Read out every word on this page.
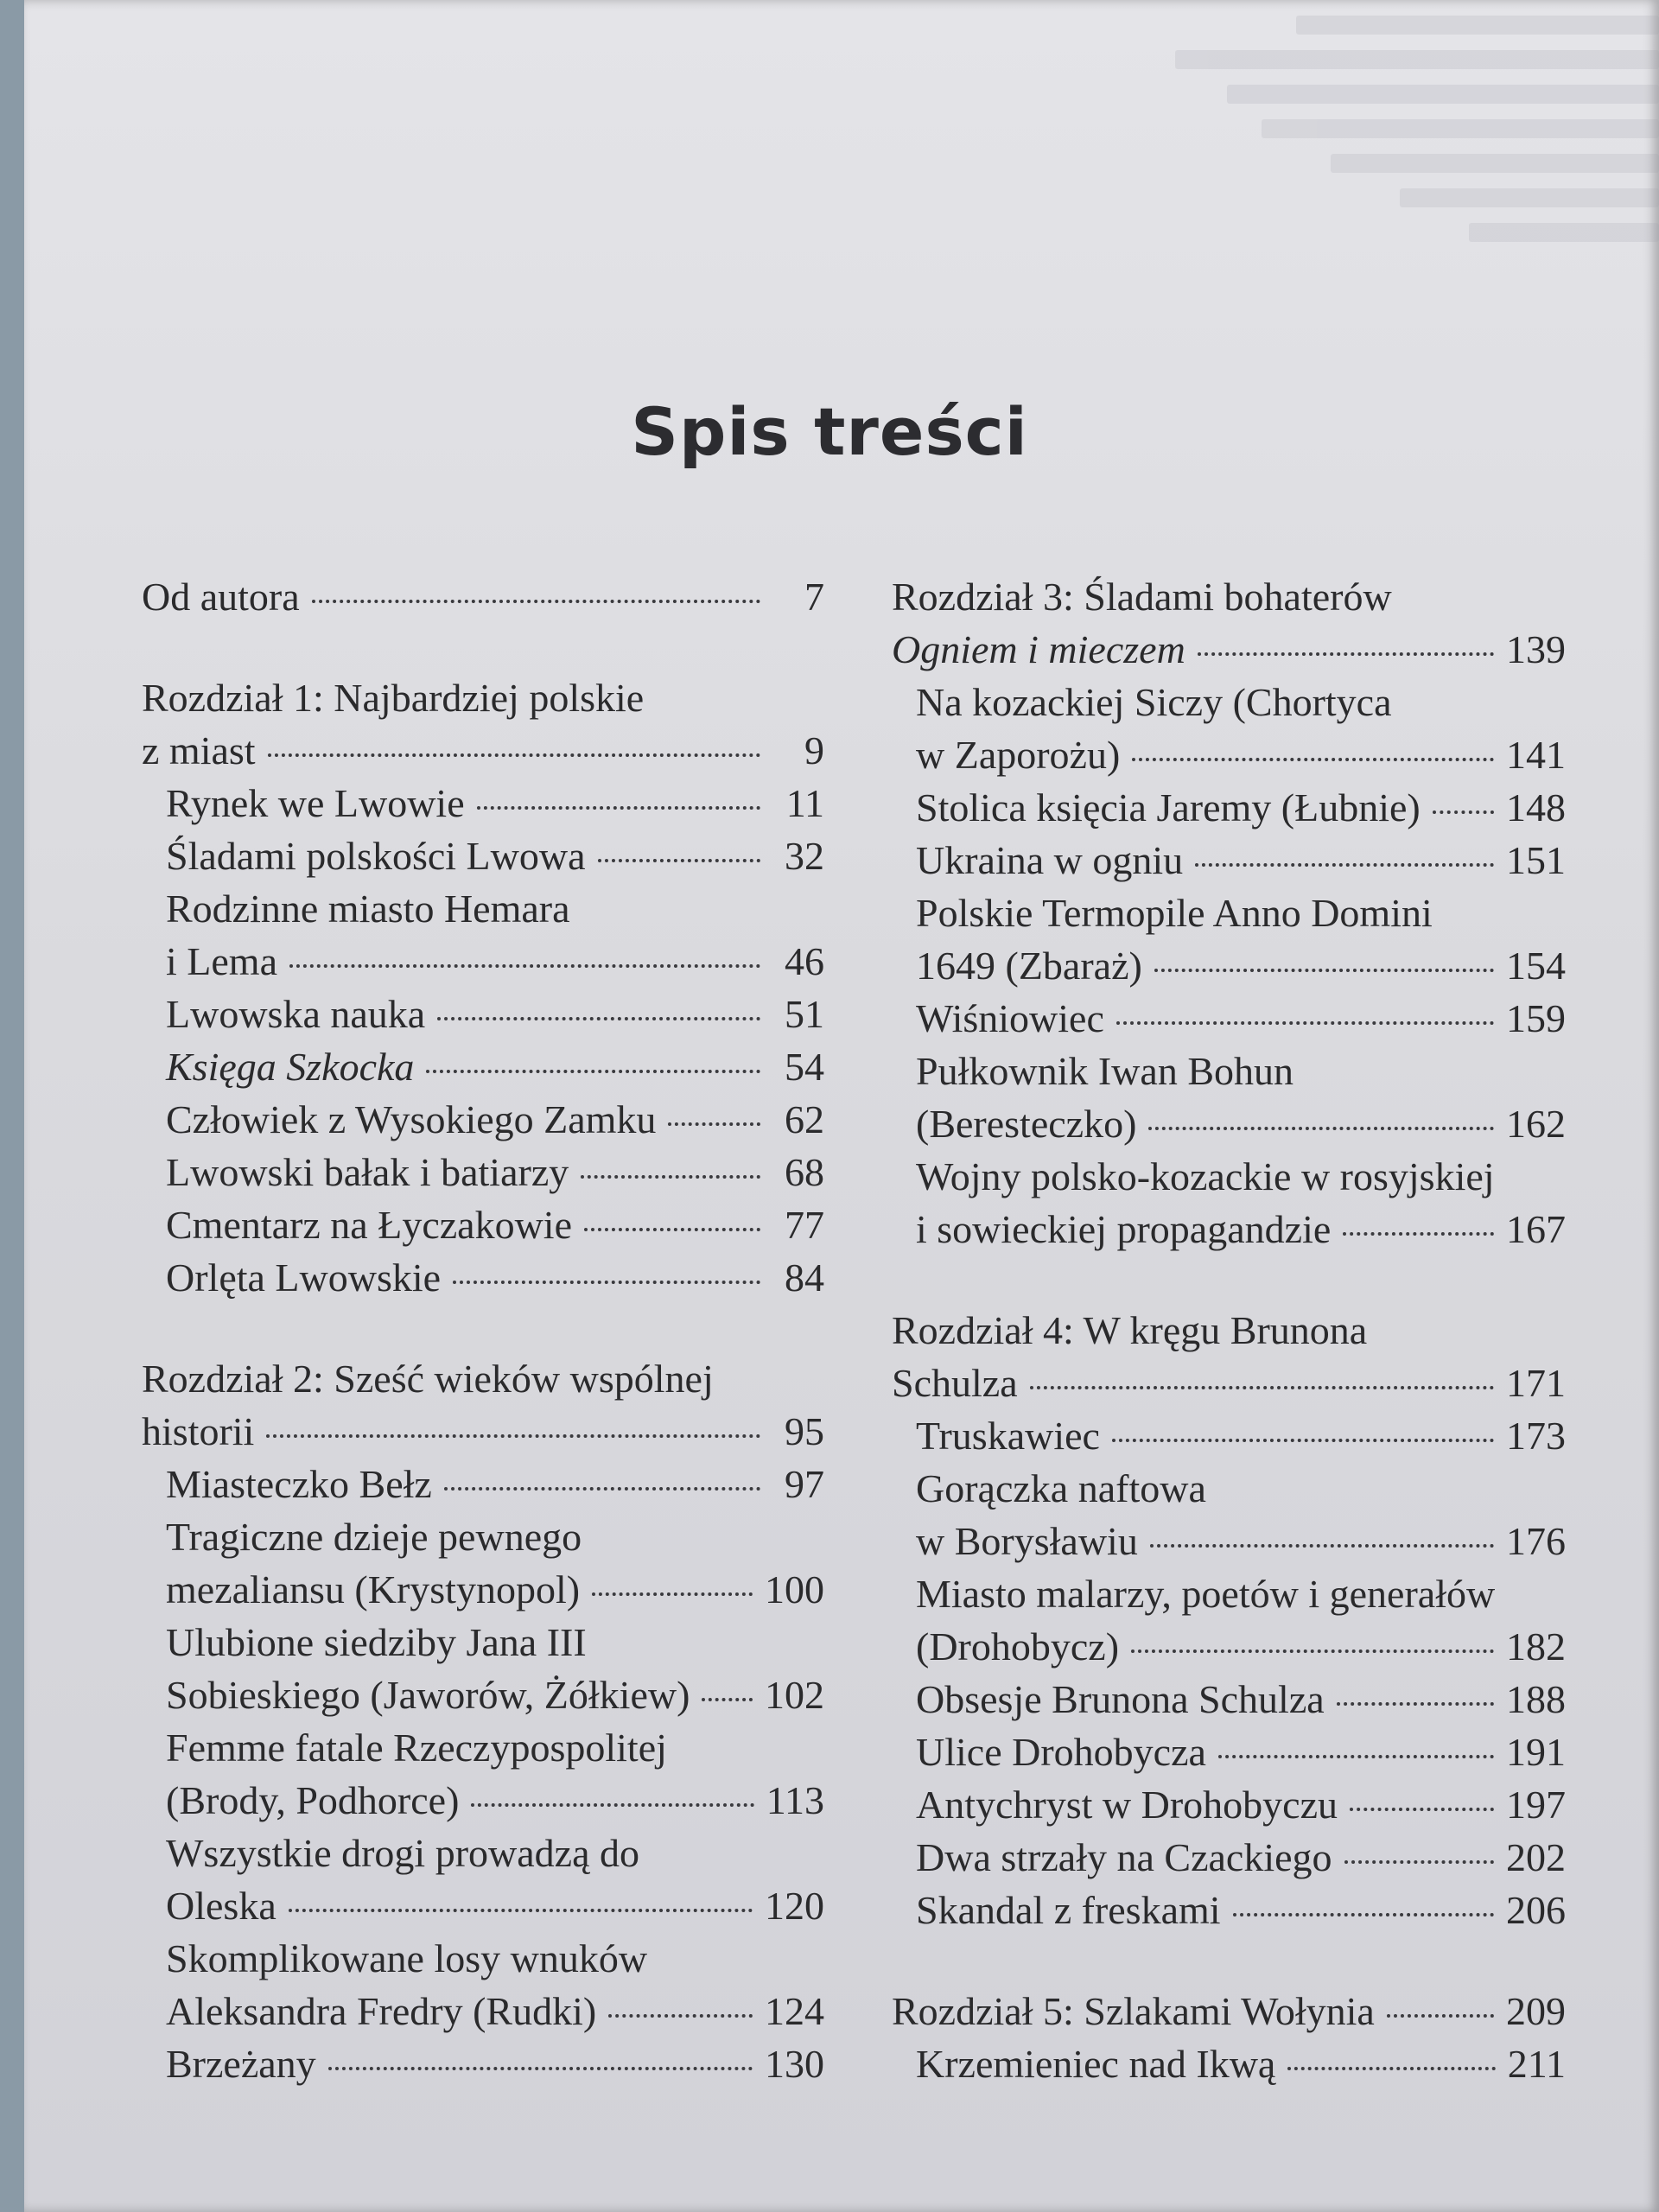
Spis treści
Od autora	7
Rozdział 1: Najbardziej polskie
z miast	9
Rynek we Lwowie	11
Śladami polskości Lwowa	32
Rodzinne miasto Hemara
i Lema	46
Lwowska nauka	51
Księga Szkocka	54
Człowiek z Wysokiego Zamku	62
Lwowski bałak i batiarzy	68
Cmentarz na Łyczakowie	77
Orlęta Lwowskie	84
Rozdział 2: Sześć wieków wspólnej
historii	95
Miasteczko Bełz	97
Tragiczne dzieje pewnego
mezaliansu (Krystynopol)	100
Ulubione siedziby Jana III
Sobieskiego (Jaworów, Żółkiew) 102
Femme fatale Rzeczypospolitej
(Brody, Podhorce)	113
Wszystkie drogi prowadzą do
Oleska	120
Skomplikowane losy wnuków
Aleksandra Fredry (Rudki)	124
Brzeżany	130
Rozdział 3: Śladami bohaterów
Ogniem i mieczem	139
Na kozackiej Siczy (Chortyca
w Zaporożu)	141
Stolica księcia Jaremy (Łubnie) 148
Ukraina w ogniu	151
Polskie Termopile Anno Domini
1649 (Zbaraż)	154
Wiśniowiec	159
Pułkownik Iwan Bohun
(Beresteczko)	162
Wojny polsko-kozackie w rosyjskiej
i sowieckiej propagandzie	167
Rozdział 4: W kręgu Brunona
Schulza	171
Truskawiec	173
Gorączka naftowa
w Borysławiu	176
Miasto malarzy, poetów i generałów
(Drohobycz)	182
Obsesje Brunona Schulza	188
Ulice Drohobycza	191
Antychryst w Drohobyczu	197
Dwa strzały na Czackiego	202
Skandal z freskami	206
Rozdział 5: Szlakami Wołynia	209
Krzemieniec nad Ikwą	211
